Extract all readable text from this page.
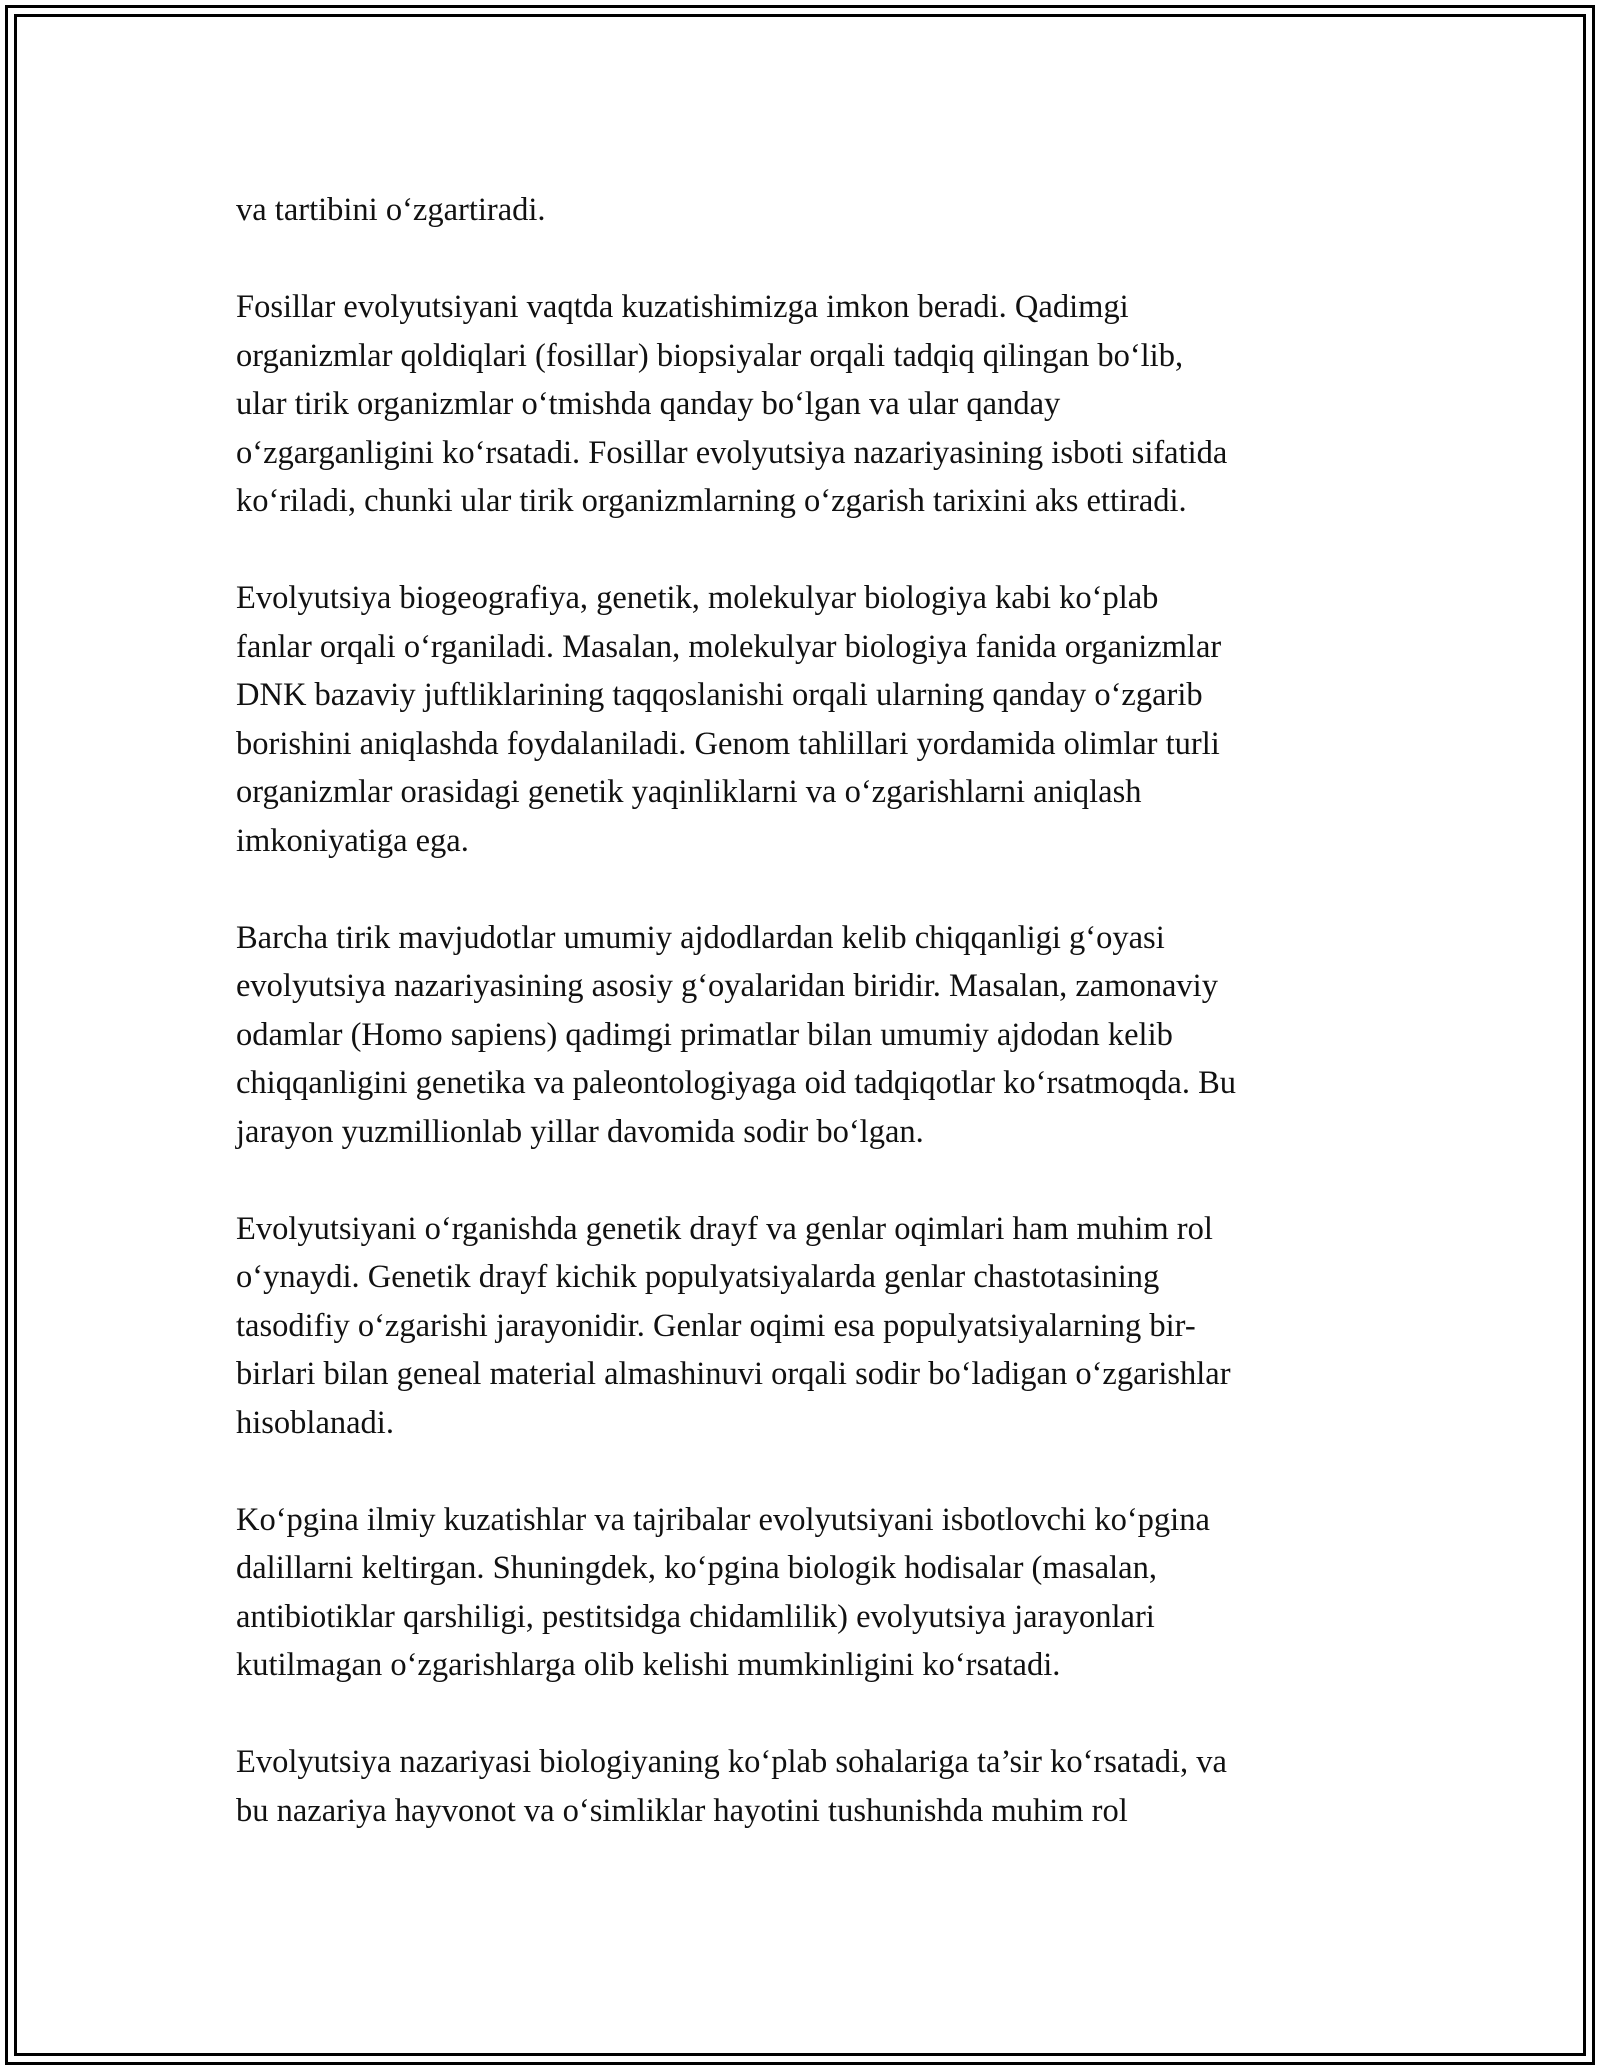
va tartibini o‘zgartiradi.

Fosillar evolyutsiyani vaqtda kuzatishimizga imkon beradi. Qadimgi
organizmlar qoldiqlari (fosillar) biopsiyalar orqali tadqiq qilingan bo‘lib,
ular tirik organizmlar o‘tmishda qanday bo‘lgan va ular qanday
o‘zgarganligini ko‘rsatadi. Fosillar evolyutsiya nazariyasining isboti sifatida
ko‘riladi, chunki ular tirik organizmlarning o‘zgarish tarixini aks ettiradi.

Evolyutsiya biogeografiya, genetik, molekulyar biologiya kabi ko‘plab
fanlar orqali o‘rganiladi. Masalan, molekulyar biologiya fanida organizmlar
DNK bazaviy juftliklarining taqqoslanishi orqali ularning qanday o‘zgarib
borishini aniqlashda foydalaniladi. Genom tahlillari yordamida olimlar turli
organizmlar orasidagi genetik yaqinliklarni va o‘zgarishlarni aniqlash
imkoniyatiga ega.

Barcha tirik mavjudotlar umumiy ajdodlardan kelib chiqqanligi g‘oyasi
evolyutsiya nazariyasining asosiy g‘oyalaridan biridir. Masalan, zamonaviy
odamlar (Homo sapiens) qadimgi primatlar bilan umumiy ajdodan kelib
chiqqanligini genetika va paleontologiyaga oid tadqiqotlar ko‘rsatmoqda. Bu
jarayon yuzmillionlab yillar davomida sodir bo‘lgan.

Evolyutsiyani o‘rganishda genetik drayf va genlar oqimlari ham muhim rol
o‘ynaydi. Genetik drayf kichik populyatsiyalarda genlar chastotasining
tasodifiy o‘zgarishi jarayonidir. Genlar oqimi esa populyatsiyalarning bir-
birlari bilan geneal material almashinuvi orqali sodir bo‘ladigan o‘zgarishlar
hisoblanadi.

Ko‘pgina ilmiy kuzatishlar va tajribalar evolyutsiyani isbotlovchi ko‘pgina
dalillarni keltirgan. Shuningdek, ko‘pgina biologik hodisalar (masalan,
antibiotiklar qarshiligi, pestitsidga chidamlilik) evolyutsiya jarayonlari
kutilmagan o‘zgarishlarga olib kelishi mumkinligini ko‘rsatadi.

Evolyutsiya nazariyasi biologiyaning ko‘plab sohalariga ta’sir ko‘rsatadi, va
bu nazariya hayvonot va o‘simliklar hayotini tushunishda muhim rol
